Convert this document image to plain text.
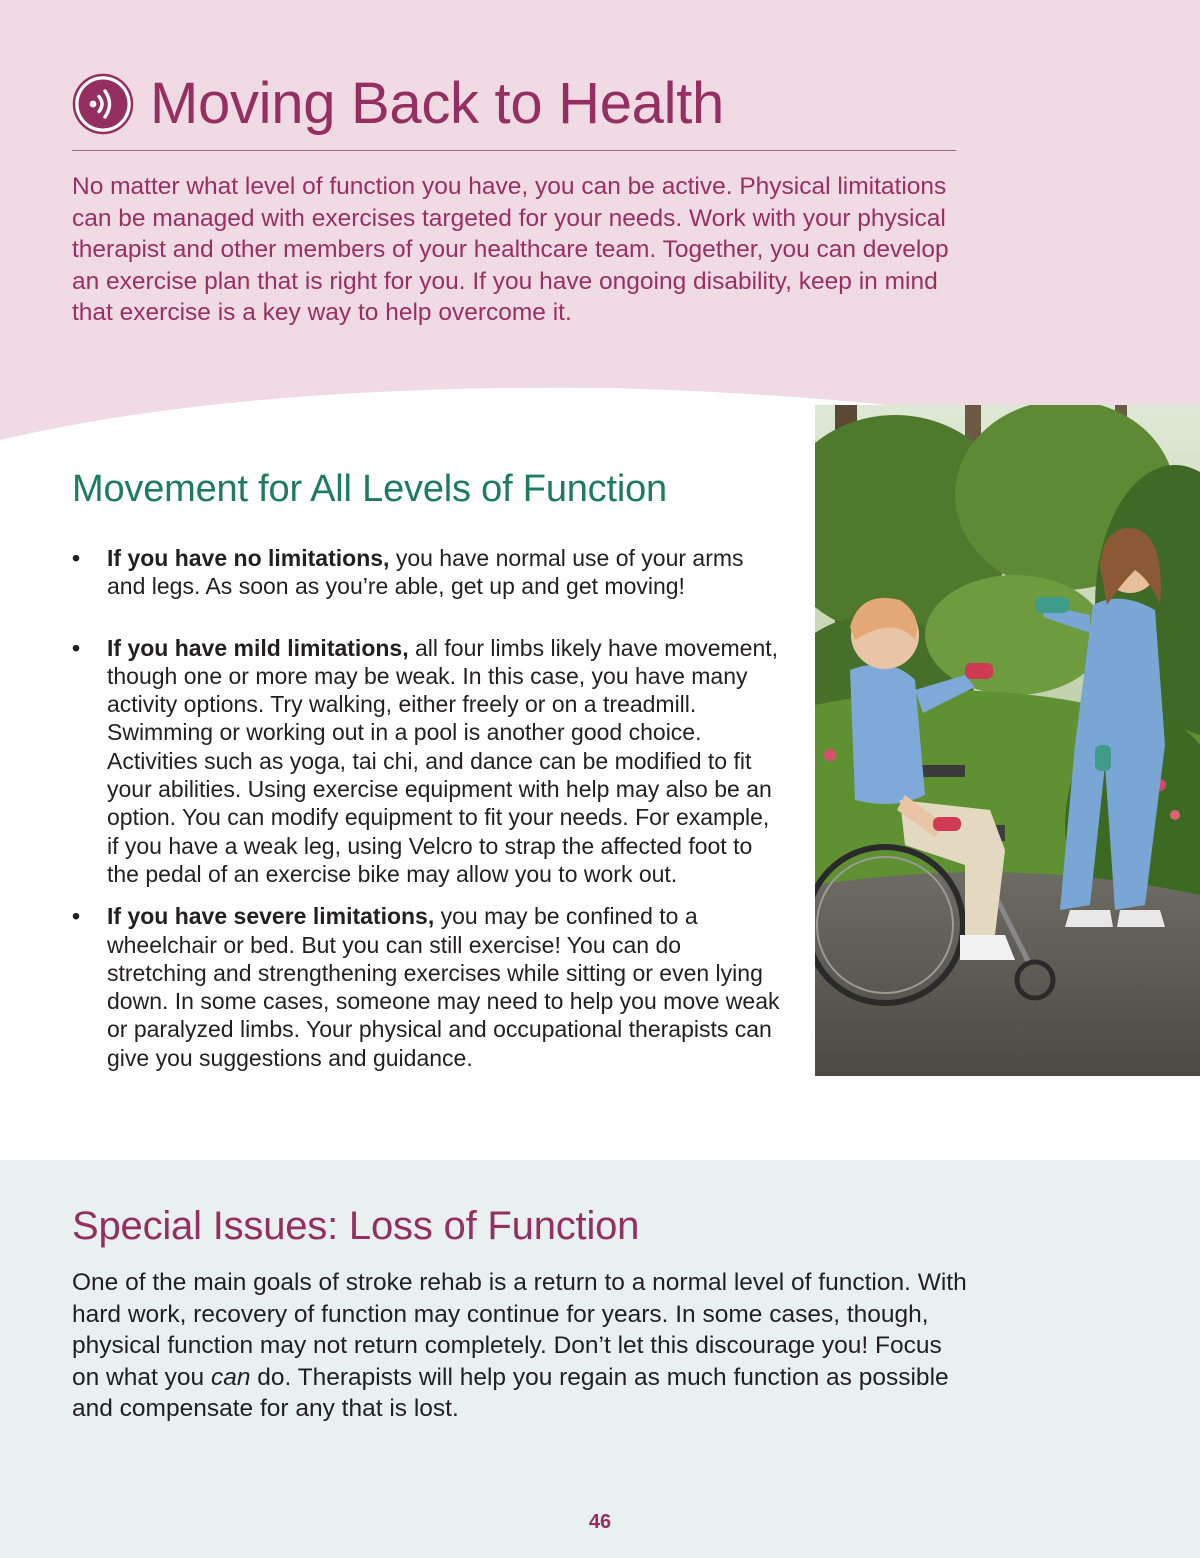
Moving Back to Health

No matter what level of function you have, you can be active. Physical limitations can be managed with exercises targeted for your needs. Work with your physical therapist and other members of your healthcare team. Together, you can develop an exercise plan that is right for you. If you have ongoing disability, keep in mind that exercise is a key way to help overcome it.

Movement for All Levels of Function
• If you have no limitations, you have normal use of your arms and legs. As soon as you’re able, get up and get moving!
• If you have mild limitations, all four limbs likely have movement, though one or more may be weak. In this case, you have many activity options. Try walking, either freely or on a treadmill. Swimming or working out in a pool is another good choice. Activities such as yoga, tai chi, and dance can be modified to fit your abilities. Using exercise equipment with help may also be an option. You can modify equipment to fit your needs. For example, if you have a weak leg, using Velcro to strap the affected foot to the pedal of an exercise bike may allow you to work out.
• If you have severe limitations, you may be confined to a wheelchair or bed. But you can still exercise! You can do stretching and strengthening exercises while sitting or even lying down. In some cases, someone may need to help you move weak or paralyzed limbs. Your physical and occupational therapists can give you suggestions and guidance.
Special Issues: Loss of Function

One of the main goals of stroke rehab is a return to a normal level of function. With hard work, recovery of function may continue for years. In some cases, though, physical function may not return completely. Don’t let this discourage you! Focus on what you can do. Therapists will help you regain as much function as possible and compensate for any that is lost.

46
